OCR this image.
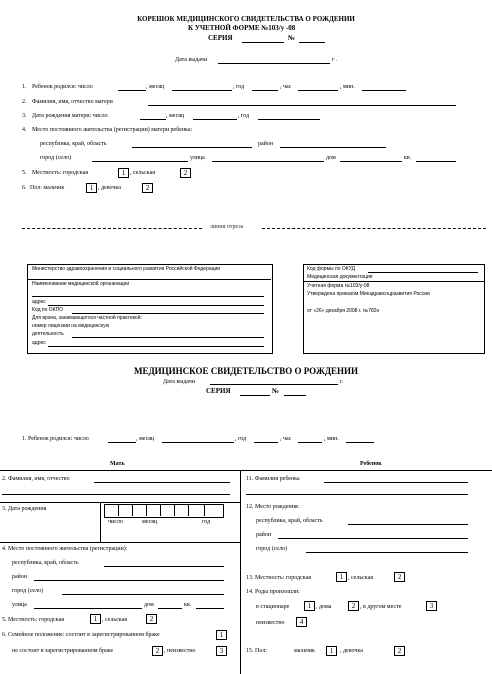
КОРЕШОК МЕДИЦИНСКОГО СВИДЕТЕЛЬСТВА О РОЖДЕНИИ
К УЧЕТНОЙ ФОРМЕ №103/у -08
СЕРИЯ	№
Дата выдачи	г .
1. Ребенок родился: число	, месяц	, год	, час	, мин.
2. Фамилия, имя, отчество матери
3. Дата рождения матери: число	, месяц	, год
4. Место постоянного жительства (регистрации) матери ребенка:
республика, край, область	район
город (село)	улица	дом	кв.
5. Местность: городская	1 , сельская	2
6. Пол: мальчик	1 , девочка	2
линия отреза
Министерство здравоохранения и социального развития Российской Федерации
Наименование медицинской организации
адрес
Код по ОКПО
Для врача, занимающегося частной практикой:
номер лицензии на медицинскую
деятельность
адрес
Код формы по ОКУД
Медицинская документация
Учетная форма №103/у-08
Утверждена приказом Минздравсоцразвития России
от «26» декабря 2008 г. №782н
МЕДИЦИНСКОЕ СВИДЕТЕЛЬСТВО О РОЖДЕНИИ
СЕРИЯ	№
Дата выдачи	г.
1. Ребенок родился: число	, месяц	, год	, час	, мин.
Мать	Ребенок
2. Фамилия, имя, отчество
3. Дата рождения
число	месяц	год
4. Место постоянного жительства (регистрации):
республика, край, область
район
город (село)
улица	дом	кв.
5. Местность: городская	1 , сельская	2
6. Семейное положение: состоит в зарегистрированном браке	1
не состоит в зарегистрированном браке	2 , неизвестно	3
11. Фамилия ребенка
12. Место рождения:
республика, край, область
район
город (село)
13. Местность: городская	1 , сельская	2
14. Роды произошли:
в стационаре	1 , дома	2 , в другом месте	3
неизвестно	4
15. Пол:	мальчик	1	, девочка	2
